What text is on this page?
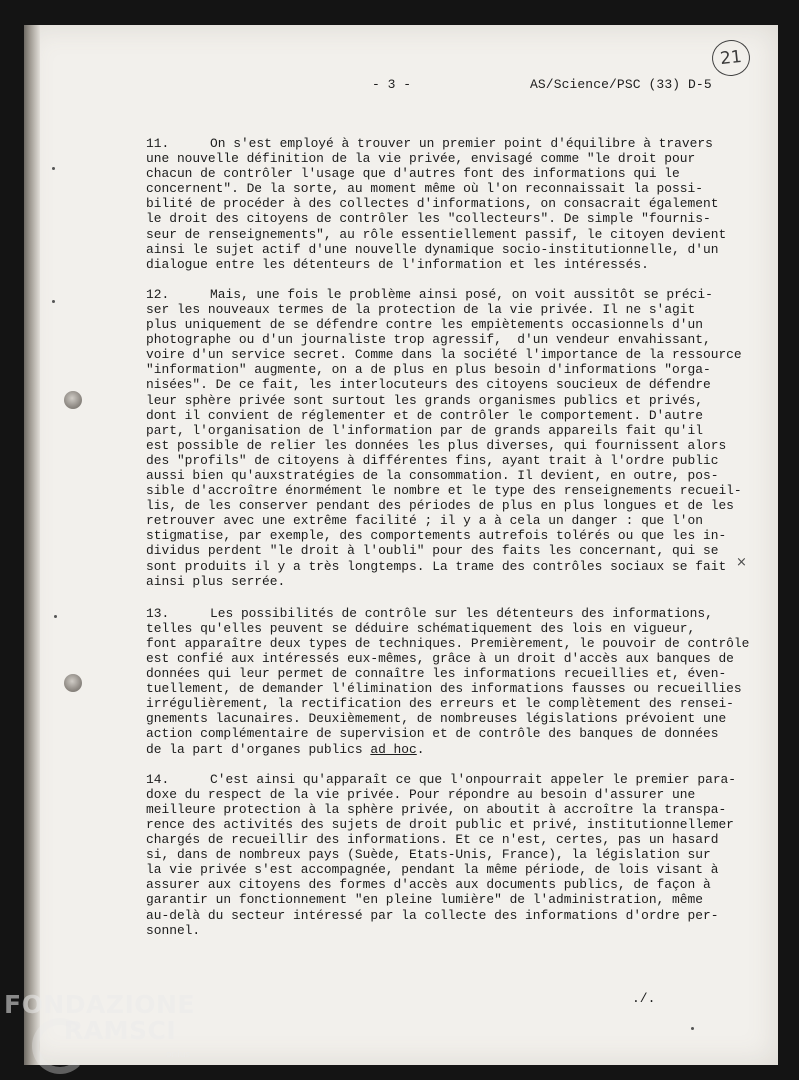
- 3 -	AS/Science/PSC (33) D-5
21
11.	On s'est employé à trouver un premier point d'équilibre à travers
une nouvelle définition de la vie privée, envisagé comme "le droit pour
chacun de contrôler l'usage que d'autres font des informations qui le
concernent". De la sorte, au moment même où l'on reconnaissait la possi-
bilité de procéder à des collectes d'informations, on consacrait également
le droit des citoyens de contrôler les "collecteurs". De simple "fournis-
seur de renseignements", au rôle essentiellement passif, le citoyen devient
ainsi le sujet actif d'une nouvelle dynamique socio-institutionnelle, d'un
dialogue entre les détenteurs de l'information et les intéressés.
12.	Mais, une fois le problème ainsi posé, on voit aussitôt se préci-
ser les nouveaux termes de la protection de la vie privée. Il ne s'agit
plus uniquement de se défendre contre les empiètements occasionnels d'un
photographe ou d'un journaliste trop agressif,  d'un vendeur envahissant,
voire d'un service secret. Comme dans la société l'importance de la ressource
"information" augmente, on a de plus en plus besoin d'informations "orga-
nisées". De ce fait, les interlocuteurs des citoyens soucieux de défendre
leur sphère privée sont surtout les grands organismes publics et privés,
dont il convient de réglementer et de contrôler le comportement. D'autre
part, l'organisation de l'information par de grands appareils fait qu'il
est possible de relier les données les plus diverses, qui fournissent alors
des "profils" de citoyens à différentes fins, ayant trait à l'ordre public
aussi bien qu'auxstratégies de la consommation. Il devient, en outre, pos-
sible d'accroître énormément le nombre et le type des renseignements recueil-
lis, de les conserver pendant des périodes de plus en plus longues et de les
retrouver avec une extrême facilité ; il y a à cela un danger : que l'on
stigmatise, par exemple, des comportements autrefois tolérés ou que les in-
dividus perdent "le droit à l'oubli" pour des faits les concernant, qui se
sont produits il y a très longtemps. La trame des contrôles sociaux se fait
ainsi plus serrée.
13.	Les possibilités de contrôle sur les détenteurs des informations,
telles qu'elles peuvent se déduire schématiquement des lois en vigueur,
font apparaître deux types de techniques. Premièrement, le pouvoir de contrôle
est confié aux intéressés eux-mêmes, grâce à un droit d'accès aux banques de
données qui leur permet de connaître les informations recueillies et, éven-
tuellement, de demander l'élimination des informations fausses ou recueillies
irrégulièrement, la rectification des erreurs et le complètement des rensei-
gnements lacunaires. Deuxièmement, de nombreuses législations prévoient une
action complémentaire de supervision et de contrôle des banques de données
de la part d'organes publics ad hoc.
14.	C'est ainsi qu'apparaît ce que l'onpourrait appeler le premier para-
doxe du respect de la vie privée. Pour répondre au besoin d'assurer une
meilleure protection à la sphère privée, on aboutit à accroître la transpa-
rence des activités des sujets de droit public et privé, institutionnellemer
chargés de recueillir des informations. Et ce n'est, certes, pas un hasard
si, dans de nombreux pays (Suède, Etats-Unis, France), la législation sur
la vie privée s'est accompagnée, pendant la même période, de lois visant à
assurer aux citoyens des formes d'accès aux documents publics, de façon à
garantir un fonctionnement "en pleine lumière" de l'administration, même
au-delà du secteur intéressé par la collecte des informations d'ordre per-
sonnel.
×
./.
FONDAZIONE
RAMSCI
onlus
